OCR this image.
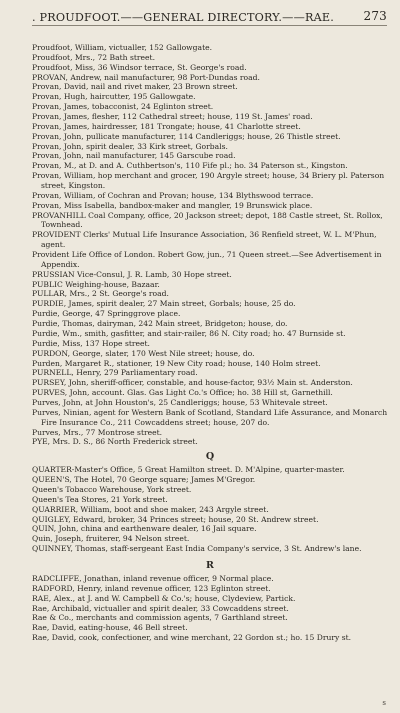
. PROUDFOOT.——GENERAL DIRECTORY.——RAE. 273
Proudfoot, William, victualler, 152 Gallowgate.
Proudfoot, Mrs., 72 Bath street.
Proudfoot, Miss, 36 Windsor terrace, St. George's road.
PROVAN, Andrew, nail manufacturer, 98 Port-Dundas road.
Provan, David, nail and rivet maker, 23 Brown street.
Provan, Hugh, haircutter, 195 Gallowgate.
Provan, James, tobacconist, 24 Eglinton street.
Provan, James, flesher, 112 Cathedral street; house, 119 St. James' road.
Provan, James, hairdresser, 181 Trongate; house, 41 Charlotte street.
Provan, John, pullicate manufacturer, 114 Candleriggs; house, 26 Thistle street.
Provan, John, spirit dealer, 33 Kirk street, Gorbals.
Provan, John, nail manufacturer, 145 Garscube road.
Provan, M., at D. and A. Cuthbertson's, 110 Fife pl.; ho. 34 Paterson st., Kingston.
Provan, William, hop merchant and grocer, 190 Argyle street; house, 34 Briery pl. Paterson street, Kingston.
Provan, William, of Cochran and Provan; house, 134 Blythswood terrace.
Provan, Miss Isabella, bandbox-maker and mangler, 19 Brunswick place.
PROVANHILL Coal Company, office, 20 Jackson street; depot, 188 Castle street, St. Rollox, Townhead.
PROVIDENT Clerks' Mutual Life Insurance Association, 36 Renfield street, W. L. M'Phun, agent.
Provident Life Office of London. Robert Gow, jun., 71 Queen street.—See Advertisement in Appendix.
PRUSSIAN Vice-Consul, J. R. Lamb, 30 Hope street.
PUBLIC Weighing-house, Bazaar.
PULLAR, Mrs., 2 St. George's road.
PURDIE, James, spirit dealer, 27 Main street, Gorbals; house, 25 do.
Purdie, George, 47 Springgrove place.
Purdie, Thomas, dairyman, 242 Main street, Bridgeton; house, do.
Purdie, Wm., smith, gasfitter, and stair-railer, 86 N. City road; ho. 47 Burnside st.
Purdie, Miss, 137 Hope street.
PURDON, George, slater, 170 West Nile street; house, do.
Purden, Margaret R., stationer, 19 New City road; house, 140 Holm street.
PURNELL, Henry, 279 Parliamentary road.
PURSEY, John, sheriff-officer, constable, and house-factor, 93½ Main st. Anderston.
PURVES, John, account. Glas. Gas Light Co.'s Office; ho. 38 Hill st, Garnethill.
Purves, John, at John Houston's, 25 Candleriggs; house, 53 Whitevale street.
Purves, Ninian, agent for Western Bank of Scotland, Standard Life Assurance, and Monarch Fire Insurance Co., 211 Cowcaddens street; house, 207 do.
Purves, Mrs., 77 Montrose street.
PYE, Mrs. D. S., 86 North Frederick street.
Q
QUARTER-Master's Office, 5 Great Hamilton street. D. M'Alpine, quarter-master.
QUEEN'S, The Hotel, 70 George square; James M'Gregor.
Queen's Tobacco Warehouse, York street.
Queen's Tea Stores, 21 York street.
QUARRIER, William, boot and shoe maker, 243 Argyle street.
QUIGLEY, Edward, broker, 34 Princes street; house, 20 St. Andrew street.
QUIN, John, china and earthenware dealer, 16 Jail square.
Quin, Joseph, fruiterer, 94 Nelson street.
QUINNEY, Thomas, staff-sergeant East India Company's service, 3 St. Andrew's lane.
R
RADCLIFFE, Jonathan, inland revenue officer, 9 Normal place.
RADFORD, Henry, inland revenue officer, 123 Eglinton street.
RAE, Alex., at J. and W. Campbell & Co.'s; house, Clydeview, Partick.
Rae, Archibald, victualler and spirit dealer, 33 Cowcaddens street.
Rae & Co., merchants and commission agents, 7 Garthland street.
Rae, David, eating-house, 46 Bell street.
Rae, David, cook, confectioner, and wine merchant, 22 Gordon st.; ho. 15 Drury st.
s
